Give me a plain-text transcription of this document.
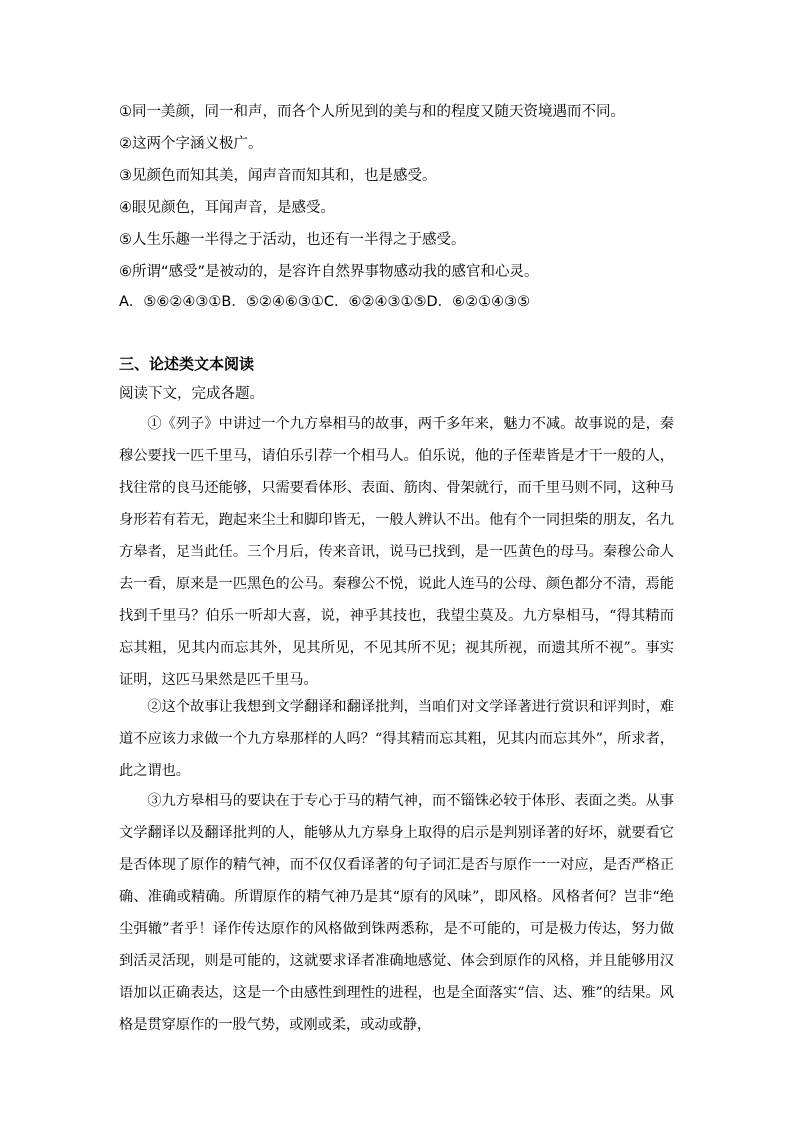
①同一美颜，同一和声，而各个人所见到的美与和的程度又随天资境遇而不同。
②这两个字涵义极广。
③见颜色而知其美，闻声音而知其和，也是感受。
④眼见颜色，耳闻声音，是感受。
⑤人生乐趣一半得之于活动，也还有一半得之于感受。
⑥所谓“感受”是被动的，是容许自然界事物感动我的感官和心灵。
A．⑤⑥②④③①B．⑤②④⑥③①C．⑥②④③①⑤D．⑥②①④③⑤
三、论述类文本阅读
阅读下文，完成各题。

①《列子》中讲过一个九方皋相马的故事，两千多年来，魅力不减。故事说的是，秦穆公要找一匹千里马，请伯乐引荐一个相马人。伯乐说，他的子侄辈皆是才干一般的人，找往常的良马还能够，只需要看体形、表面、筋肉、骨架就行，而千里马则不同，这种马身形若有若无，跑起来尘土和脚印皆无，一般人辨认不出。他有个一同担柴的朋友，名九方皋者，足当此任。三个月后，传来音讯，说马已找到，是一匹黄色的母马。秦穆公命人去一看，原来是一匹黑色的公马。秦穆公不悦，说此人连马的公母、颜色都分不清，焉能找到千里马？伯乐一听却大喜，说，神乎其技也，我望尘莫及。九方皋相马，“得其精而忘其粗，见其内而忘其外，见其所见，不见其所不见；视其所视，而遗其所不视”。事实证明，这匹马果然是匹千里马。

②这个故事让我想到文学翻译和翻译批判，当咱们对文学译著进行赏识和评判时，难道不应该力求做一个九方皋那样的人吗？“得其精而忘其粗，见其内而忘其外”，所求者，此之谓也。

③九方皋相马的要诀在于专心于马的精气神，而不锱铢必较于体形、表面之类。从事文学翻译以及翻译批判的人，能够从九方皋身上取得的启示是判别译著的好坏，就要看它是否体现了原作的精气神，而不仅仅看译著的句子词汇是否与原作一一对应，是否严格正确、准确或精确。所谓原作的精气神乃是其“原有的风味”，即风格。风格者何？岂非“绝尘弭辙”者乎！译作传达原作的风格做到铢两悉称，是不可能的，可是极力传达，努力做到活灵活现，则是可能的，这就要求译者准确地感觉、体会到原作的风格，并且能够用汉语加以正确表达，这是一个由感性到理性的进程，也是全面落实“信、达、雅”的结果。风格是贯穿原作的一股气势，或刚或柔，或动或静，
